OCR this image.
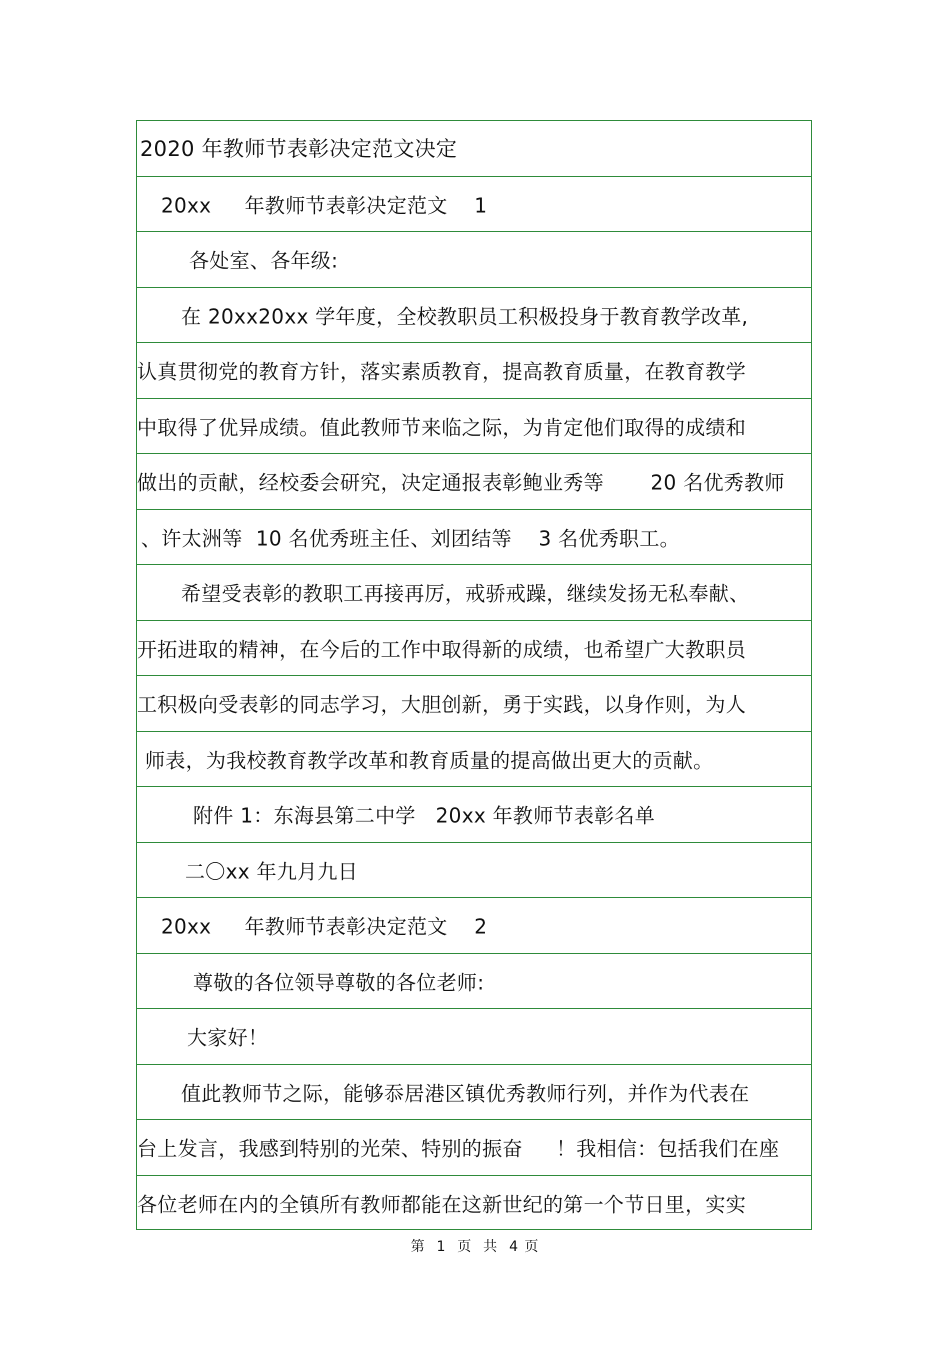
2020 年教师节表彰决定范文决定
20xx     年教师节表彰决定范文    1
各处室、各年级:
在 20xx20xx 学年度，全校教职员工积极投身于教育教学改革,
认真贯彻党的教育方针，落实素质教育，提高教育质量，在教育教学
中取得了优异成绩。值此教师节来临之际，为肯定他们取得的成绩和
做出的贡献，经校委会研究，决定通报表彰鲍业秀等       20 名优秀教师
、许太洲等  10 名优秀班主任、刘团结等    3 名优秀职工。
希望受表彰的教职工再接再厉，戒骄戒躁，继续发扬无私奉献、
开拓进取的精神，在今后的工作中取得新的成绩，也希望广大教职员
工积极向受表彰的同志学习，大胆创新，勇于实践，以身作则，为人
师表，为我校教育教学改革和教育质量的提高做出更大的贡献。
附件 1：东海县第二中学   20xx 年教师节表彰名单
二〇xx 年九月九日
20xx     年教师节表彰决定范文    2
尊敬的各位领导尊敬的各位老师:
大家好！
值此教师节之际，能够忝居港区镇优秀教师行列，并作为代表在
台上发言，我感到特别的光荣、特别的振奋     ！我相信：包括我们在座
各位老师在内的全镇所有教师都能在这新世纪的第一个节日里，实实
第  1  页  共  4 页
